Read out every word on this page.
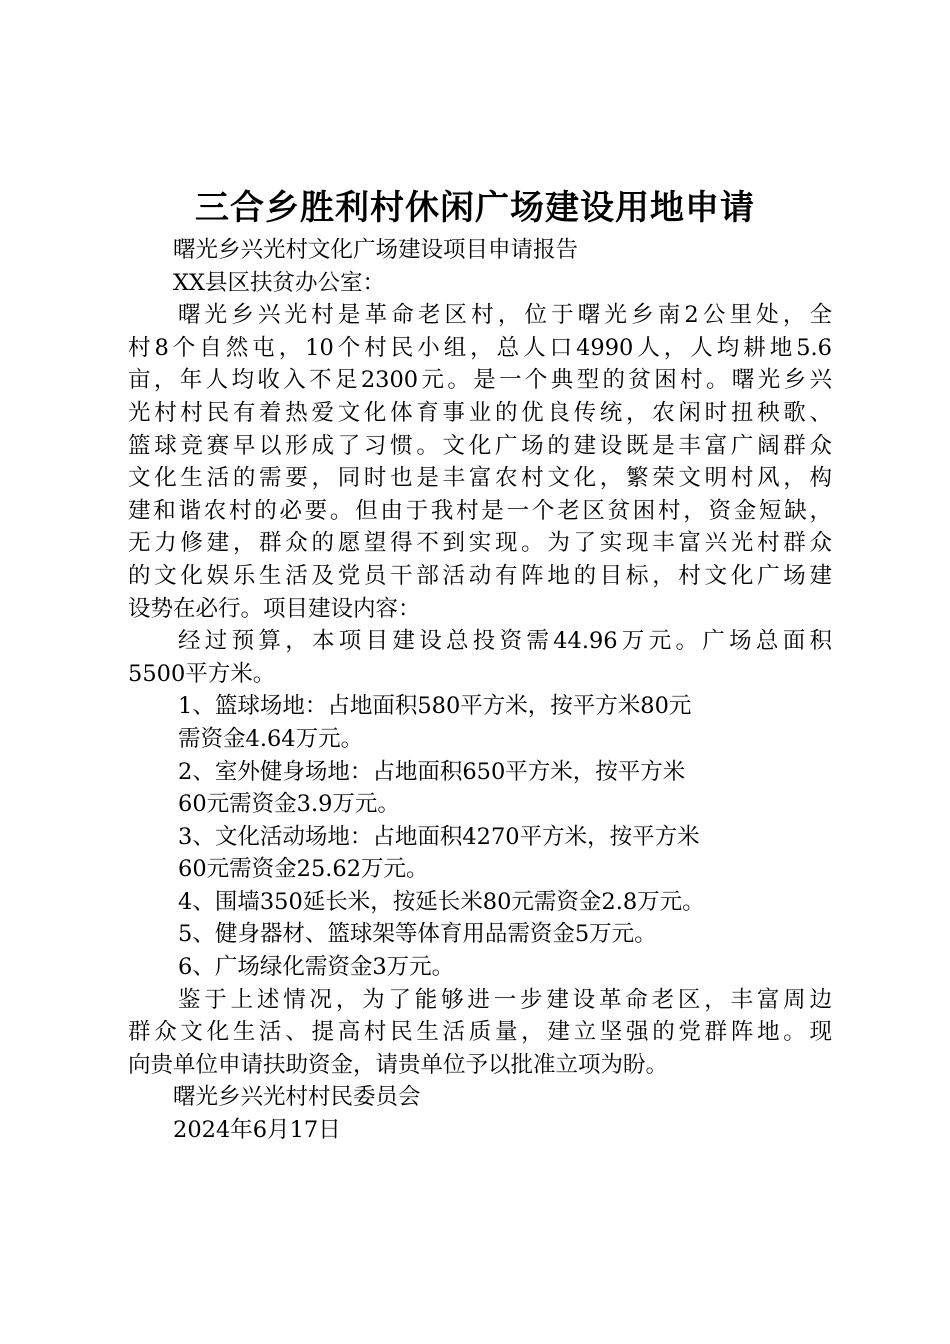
三合乡胜利村休闲广场建设用地申请
曙光乡兴光村文化广场建设项目申请报告
XX县区扶贫办公室：
曙光乡兴光村是革命老区村，位于曙光乡南2公里处，全
村8个自然屯，10个村民小组，总人口4990人，人均耕地5.6
亩，年人均收入不足2300元。是一个典型的贫困村。曙光乡兴
光村村民有着热爱文化体育事业的优良传统，农闲时扭秧歌、
篮球竞赛早以形成了习惯。文化广场的建设既是丰富广阔群众
文化生活的需要，同时也是丰富农村文化，繁荣文明村风，构
建和谐农村的必要。但由于我村是一个老区贫困村，资金短缺，
无力修建，群众的愿望得不到实现。为了实现丰富兴光村群众
的文化娱乐生活及党员干部活动有阵地的目标，村文化广场建
设势在必行。项目建设内容：
经过预算，本项目建设总投资需44.96万元。广场总面积
5500平方米。
1、篮球场地：占地面积580平方米，按平方米80元
需资金4.64万元。
2、室外健身场地：占地面积650平方米，按平方米
60元需资金3.9万元。
3、文化活动场地：占地面积4270平方米，按平方米
60元需资金25.62万元。
4、围墙350延长米，按延长米80元需资金2.8万元。
5、健身器材、篮球架等体育用品需资金5万元。
6、广场绿化需资金3万元。
鉴于上述情况，为了能够进一步建设革命老区，丰富周边
群众文化生活、提高村民生活质量，建立坚强的党群阵地。现
向贵单位申请扶助资金，请贵单位予以批准立项为盼。
曙光乡兴光村村民委员会
2024年6月17日
